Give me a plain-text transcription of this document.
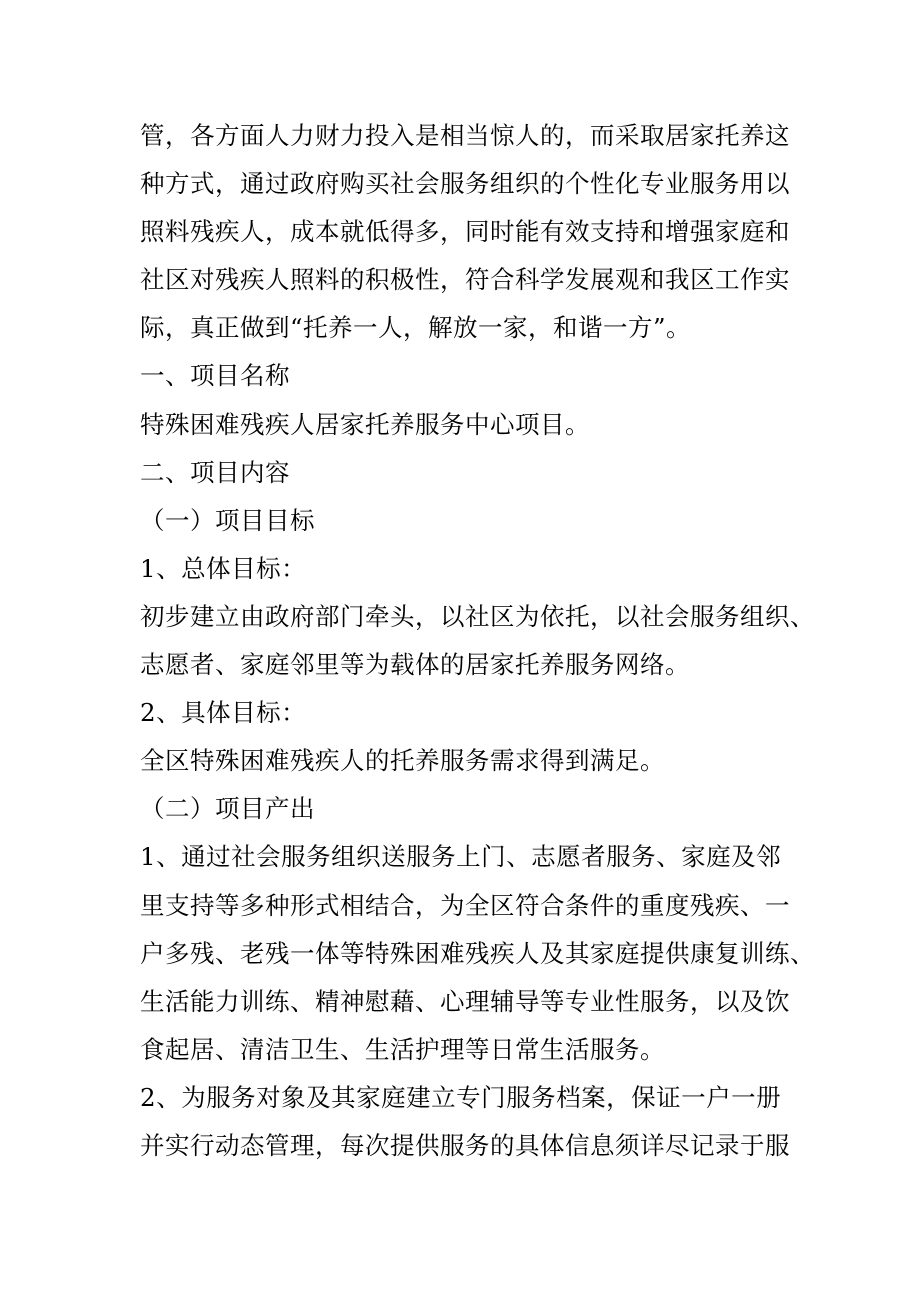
管，各方面人力财力投入是相当惊人的，而采取居家托养这
种方式，通过政府购买社会服务组织的个性化专业服务用以
照料残疾人，成本就低得多，同时能有效支持和增强家庭和
社区对残疾人照料的积极性，符合科学发展观和我区工作实
际，真正做到“托养一人，解放一家，和谐一方”。
一、项目名称
特殊困难残疾人居家托养服务中心项目。
二、项目内容
（一）项目目标
1、总体目标：
初步建立由政府部门牵头，以社区为依托，以社会服务组织、
志愿者、家庭邻里等为载体的居家托养服务网络。
2、具体目标：
全区特殊困难残疾人的托养服务需求得到满足。
（二）项目产出
1、通过社会服务组织送服务上门、志愿者服务、家庭及邻
里支持等多种形式相结合，为全区符合条件的重度残疾、一
户多残、老残一体等特殊困难残疾人及其家庭提供康复训练、
生活能力训练、精神慰藉、心理辅导等专业性服务，以及饮
食起居、清洁卫生、生活护理等日常生活服务。
2、为服务对象及其家庭建立专门服务档案，保证一户一册
并实行动态管理，每次提供服务的具体信息须详尽记录于服
